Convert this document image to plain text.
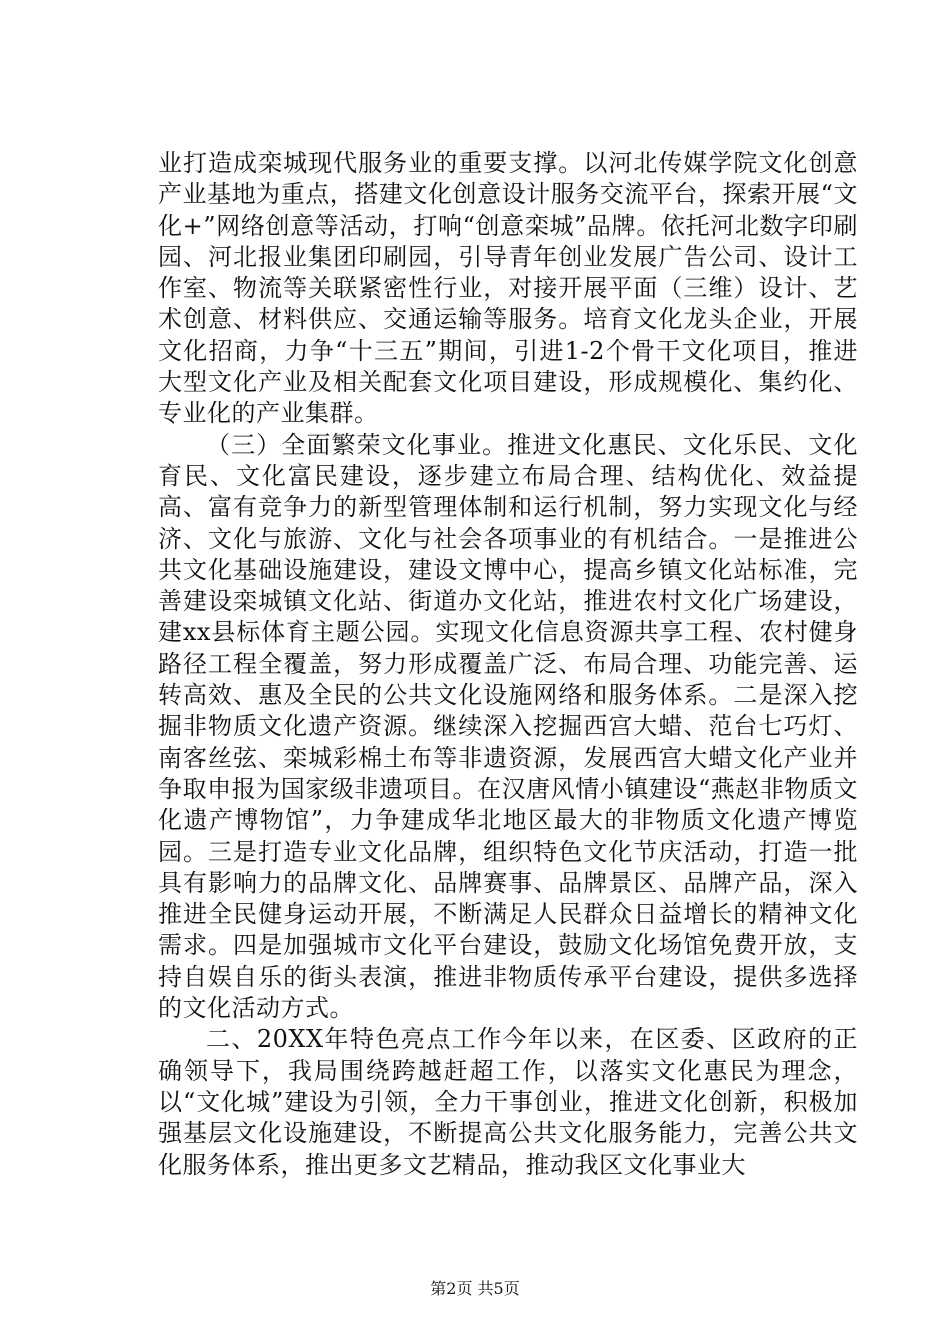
业打造成栾城现代服务业的重要支撑。以河北传媒学院文化创意产业基地为重点，搭建文化创意设计服务交流平台，探索开展“文化+”网络创意等活动，打响“创意栾城”品牌。依托河北数字印刷园、河北报业集团印刷园，引导青年创业发展广告公司、设计工作室、物流等关联紧密性行业，对接开展平面（三维）设计、艺术创意、材料供应、交通运输等服务。培育文化龙头企业，开展文化招商，力争“十三五”期间，引进1-2个骨干文化项目，推进大型文化产业及相关配套文化项目建设，形成规模化、集约化、专业化的产业集群。

（三）全面繁荣文化事业。推进文化惠民、文化乐民、文化育民、文化富民建设，逐步建立布局合理、结构优化、效益提高、富有竞争力的新型管理体制和运行机制，努力实现文化与经济、文化与旅游、文化与社会各项事业的有机结合。一是推进公共文化基础设施建设，建设文博中心，提高乡镇文化站标准，完善建设栾城镇文化站、街道办文化站，推进农村文化广场建设，建xx县标体育主题公园。实现文化信息资源共享工程、农村健身路径工程全覆盖，努力形成覆盖广泛、布局合理、功能完善、运转高效、惠及全民的公共文化设施网络和服务体系。二是深入挖掘非物质文化遗产资源。继续深入挖掘西宫大蜡、范台七巧灯、南客丝弦、栾城彩棉土布等非遗资源，发展西宫大蜡文化产业并争取申报为国家级非遗项目。在汉唐风情小镇建设“燕赵非物质文化遗产博物馆”，力争建成华北地区最大的非物质文化遗产博览园。三是打造专业文化品牌，组织特色文化节庆活动，打造一批具有影响力的品牌文化、品牌赛事、品牌景区、品牌产品，深入推进全民健身运动开展，不断满足人民群众日益增长的精神文化需求。四是加强城市文化平台建设，鼓励文化场馆免费开放，支持自娱自乐的街头表演，推进非物质传承平台建设，提供多选择的文化活动方式。

二、20XX年特色亮点工作今年以来，在区委、区政府的正确领导下，我局围绕跨越赶超工作，以落实文化惠民为理念，以“文化城”建设为引领，全力干事创业，推进文化创新，积极加强基层文化设施建设，不断提高公共文化服务能力，完善公共文化服务体系，推出更多文艺精品，推动我区文化事业大

第2页 共5页
